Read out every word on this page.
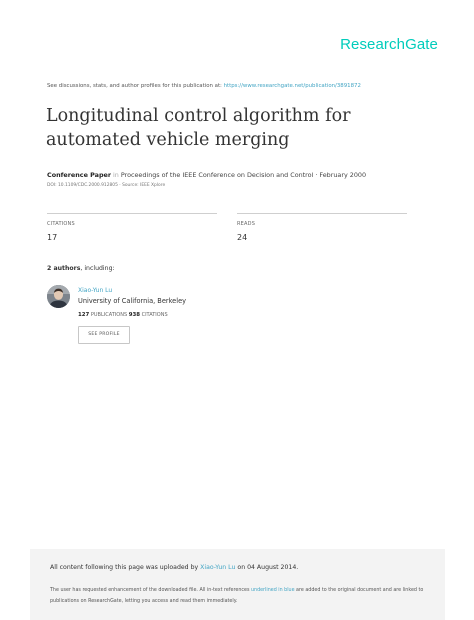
ResearchGate
See discussions, stats, and author profiles for this publication at: https://www.researchgate.net/publication/3891872
Longitudinal control algorithm for automated vehicle merging
Conference Paper in Proceedings of the IEEE Conference on Decision and Control · February 2000
DOI: 10.1109/CDC.2000.912805 · Source: IEEE Xplore
CITATIONS
17
READS
24
2 authors, including:
Xiao-Yun Lu
University of California, Berkeley
127 PUBLICATIONS 938 CITATIONS
SEE PROFILE
All content following this page was uploaded by Xiao-Yun Lu on 04 August 2014.
The user has requested enhancement of the downloaded file. All in-text references underlined in blue are added to the original document and are linked to publications on ResearchGate, letting you access and read them immediately.
